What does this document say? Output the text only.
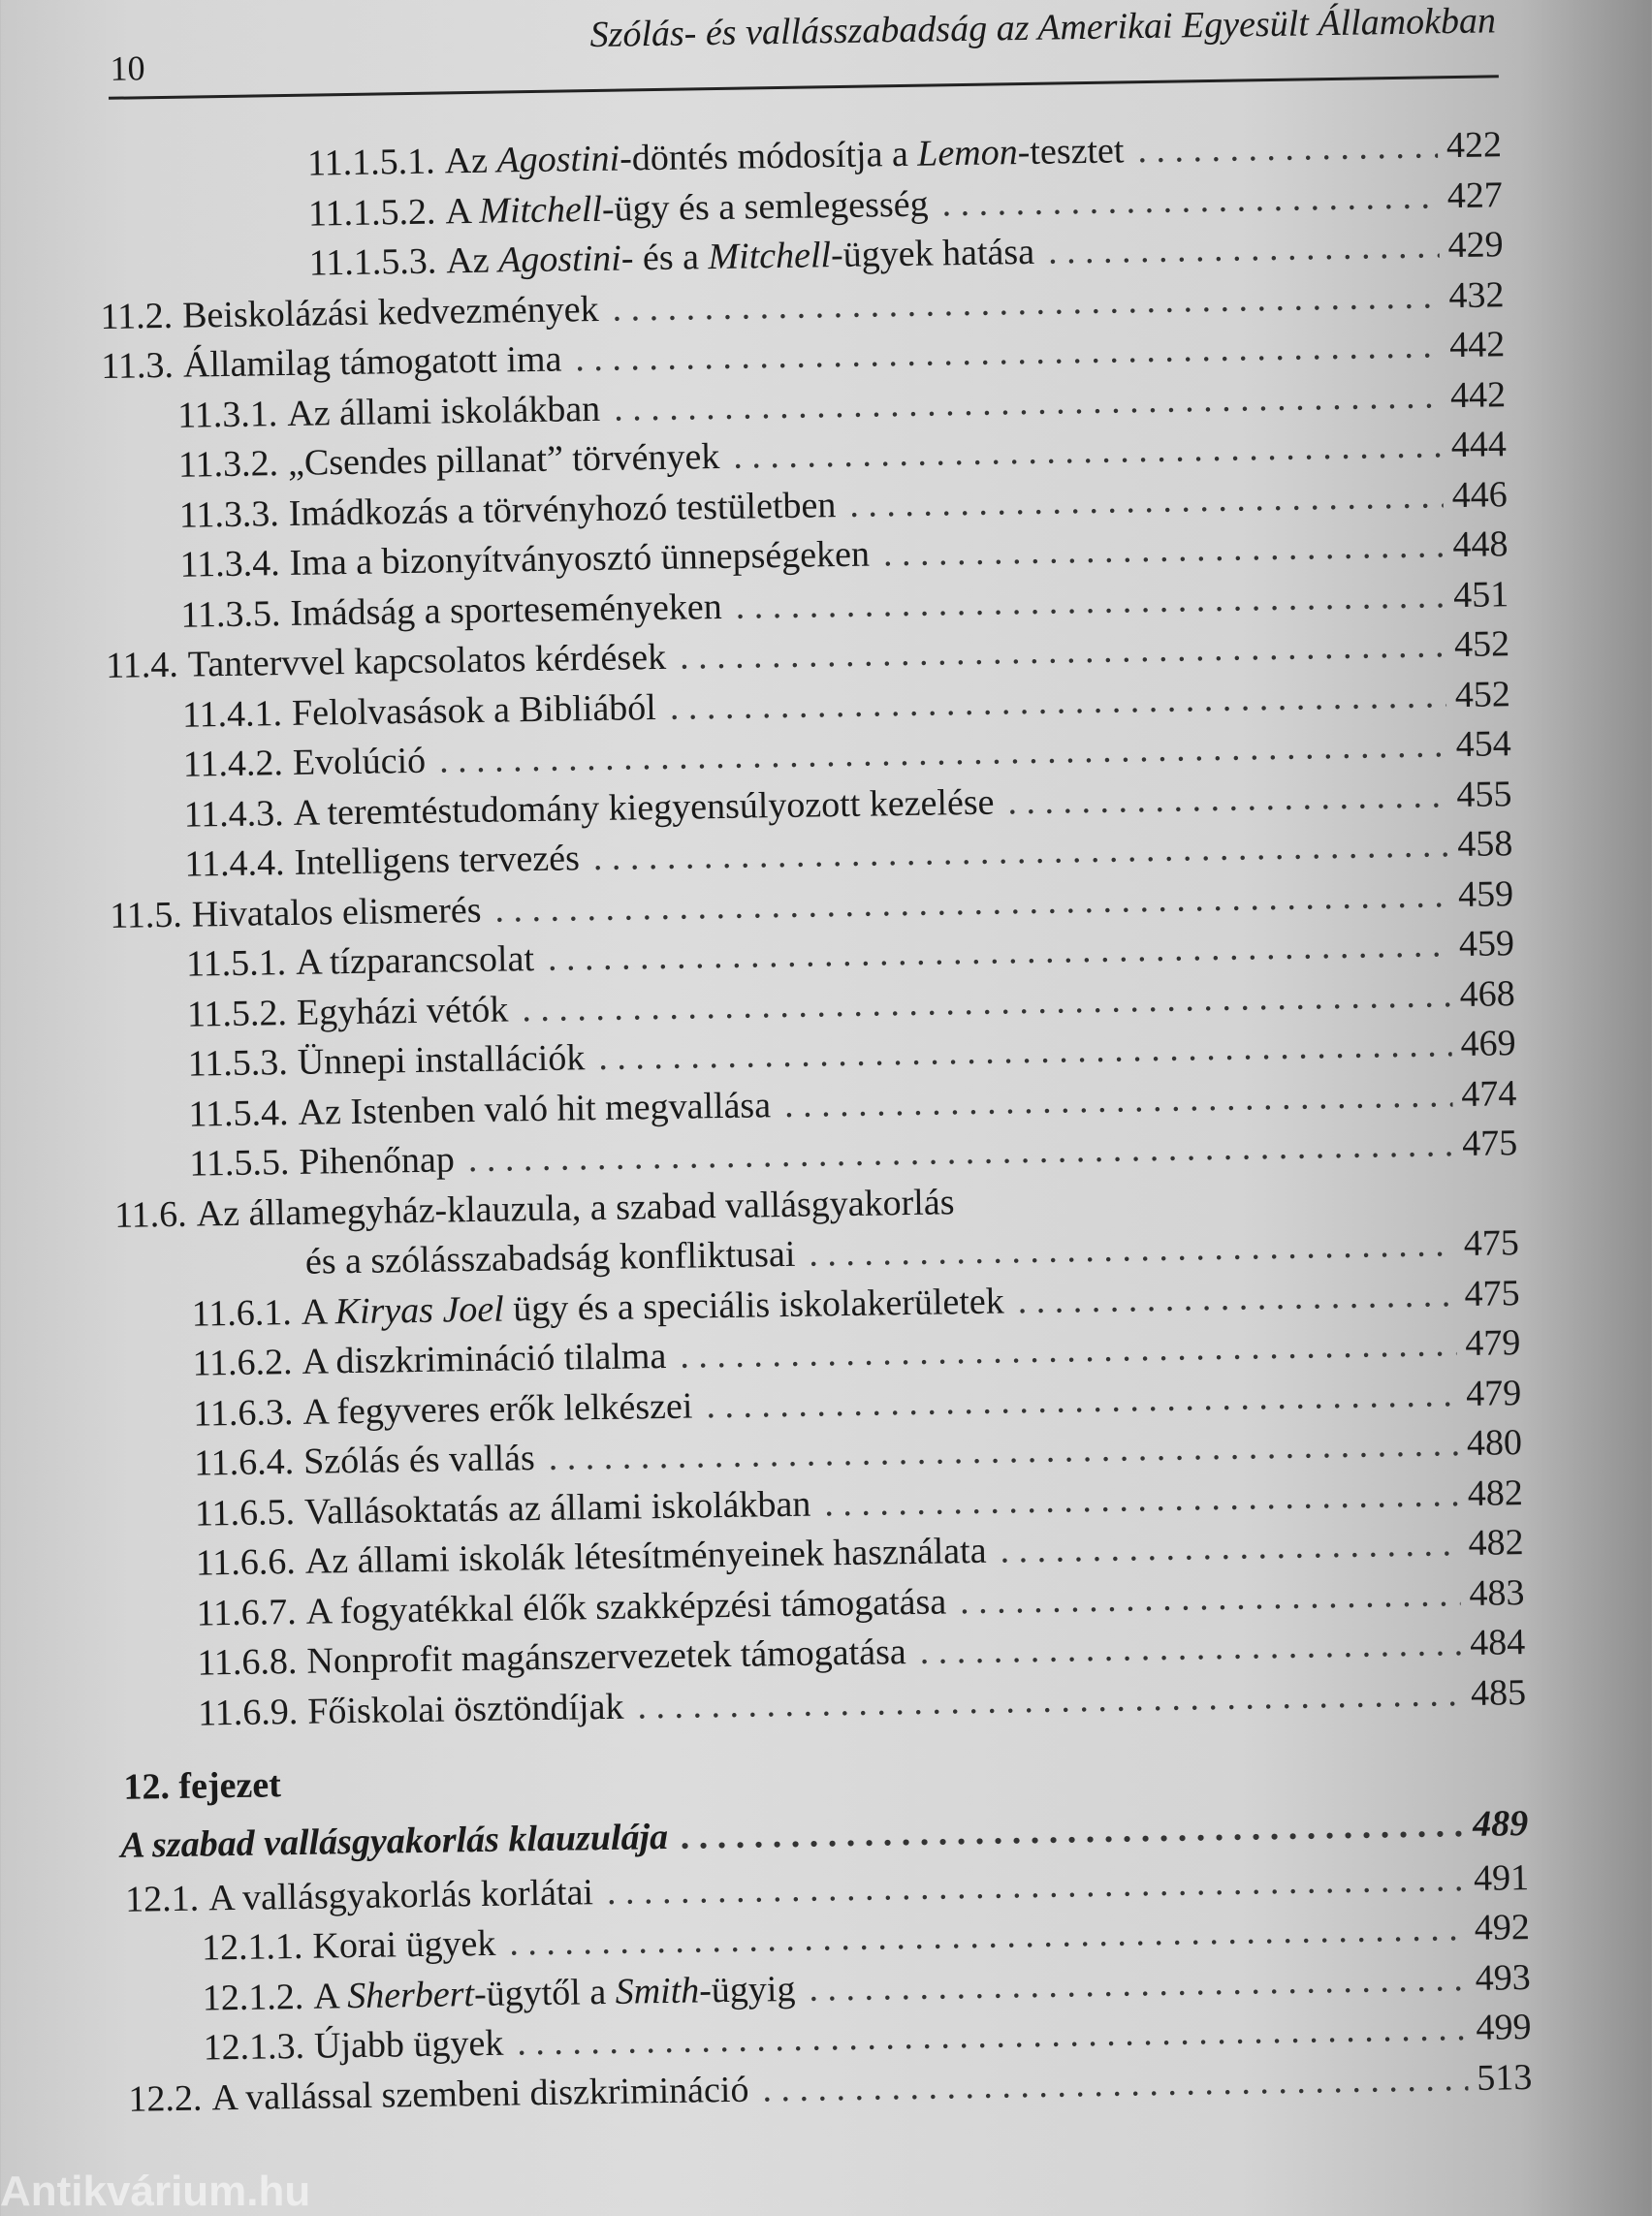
10
Szólás- és vallásszabadság az Amerikai Egyesült Államokban
11.1.5.1. Az Agostini-döntés módosítja a Lemon-tesztet . . .	422
11.1.5.2. A Mitchell-ügy és a semlegesség . . .	427
11.1.5.3. Az Agostini- és a Mitchell-ügyek hatása . . .	429
11.2. Beiskolázási kedvezmények . . .	432
11.3. Államilag támogatott ima . . .	442
11.3.1. Az állami iskolákban . . .	442
11.3.2. „Csendes pillanat” törvények . . .	444
11.3.3. Imádkozás a törvényhozó testületben . . .	446
11.3.4. Ima a bizonyítványosztó ünnepségeken . . .	448
11.3.5. Imádság a sporteseményeken . . .	451
11.4. Tantervvel kapcsolatos kérdések . . .	452
11.4.1. Felolvasások a Bibliából . . .	452
11.4.2. Evolúció . . .	454
11.4.3. A teremtéstudomány kiegyensúlyozott kezelése . . .	455
11.4.4. Intelligens tervezés . . .	458
11.5. Hivatalos elismerés . . .	459
11.5.1. A tízparancsolat . . .	459
11.5.2. Egyházi vétók . . .	468
11.5.3. Ünnepi installációk . . .	469
11.5.4. Az Istenben való hit megvallása . . .	474
11.5.5. Pihenőnap . . .	475
11.6. Az államegyház-klauzula, a szabad vallásgyakorlás
és a szólásszabadság konfliktusai . . .	475
11.6.1. A Kiryas Joel ügy és a speciális iskolakerületek . . .	475
11.6.2. A diszkrimináció tilalma . . .	479
11.6.3. A fegyveres erők lelkészei . . .	479
11.6.4. Szólás és vallás . . .	480
11.6.5. Vallásoktatás az állami iskolákban . . .	482
11.6.6. Az állami iskolák létesítményeinek használata . . .	482
11.6.7. A fogyatékkal élők szakképzési támogatása . . .	483
11.6.8. Nonprofit magánszervezetek támogatása . . .	484
11.6.9. Főiskolai ösztöndíjak . . .	485
12. fejezet
A szabad vallásgyakorlás klauzulája . . .	489
12.1. A vallásgyakorlás korlátai . . .	491
12.1.1. Korai ügyek . . .	492
12.1.2. A Sherbert-ügytől a Smith-ügyig . . .	493
12.1.3. Újabb ügyek . . .	499
12.2. A vallással szembeni diszkrimináció . . .	513
Antikvárium.hu
